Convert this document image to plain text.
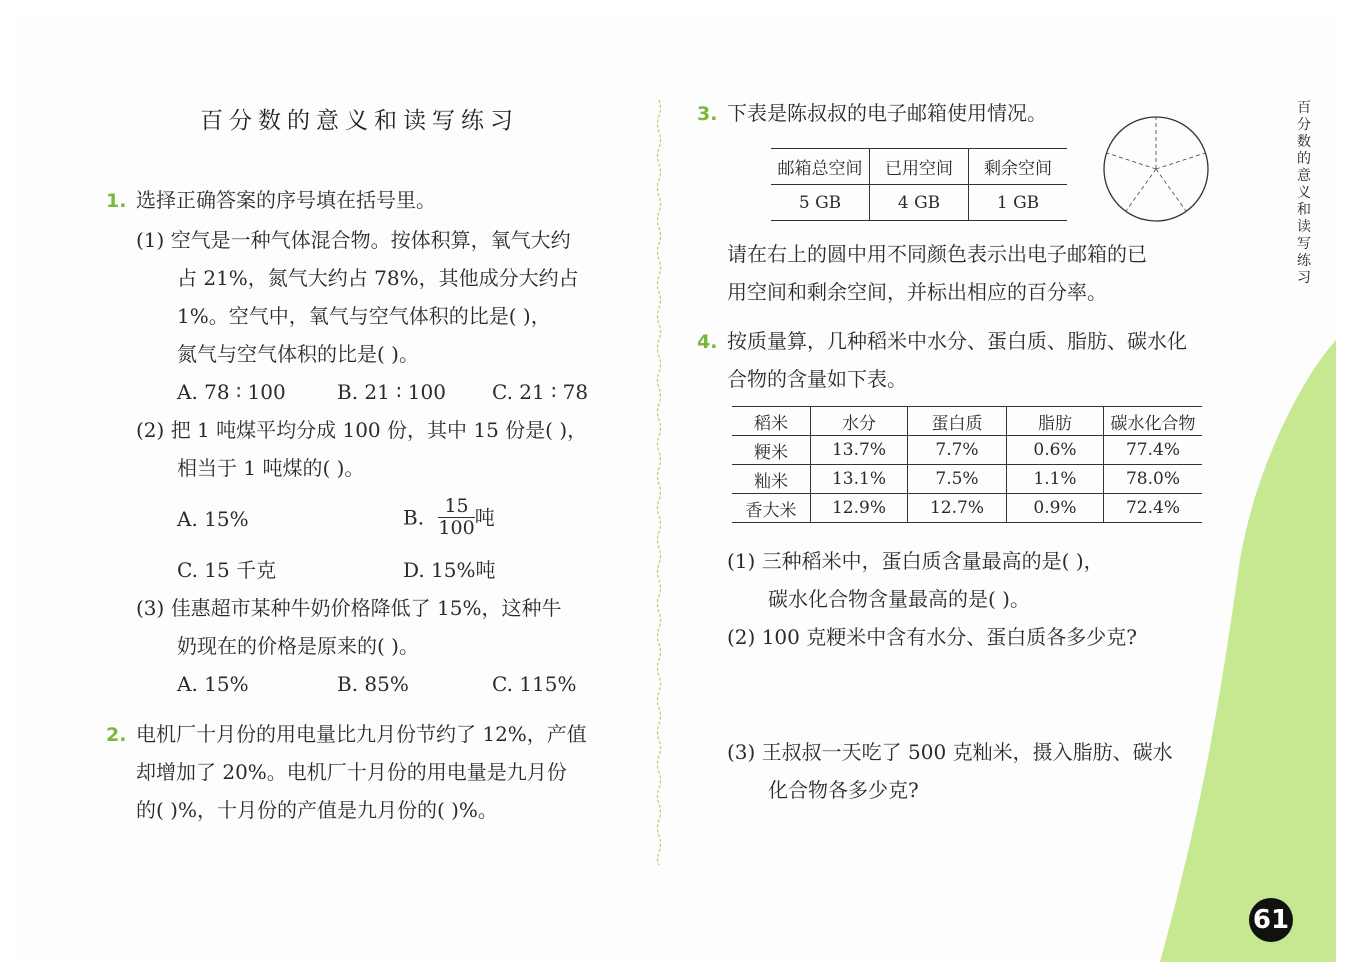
百分数的意义和读写练习
1. 选择正确答案的序号填在括号里。
(1) 空气是一种气体混合物。按体积算，氧气大约
占 21%，氮气大约占 78%，其他成分大约占
1%。空气中，氧气与空气体积的比是( )，
氮气与空气体积的比是( )。
A. 78 ∶ 100	B. 21 ∶ 100 C. 21 ∶ 78
(2) 把 1 吨煤平均分成 100 份，其中 15 份是( )，
相当于 1 吨煤的( )。
A. 15%	B. $\frac{15}{100}$ 吨
C. 15 千克	D. 15%吨
(3) 佳惠超市某种牛奶价格降低了 15%，这种牛
奶现在的价格是原来的( )。
A. 15%	B. 85%	C. 115%
2. 电机厂十月份的用电量比九月份节约了 12%，产值
却增加了 20%。电机厂十月份的用电量是九月份
的( )%，十月份的产值是九月份的( )%。
3. 下表是陈叔叔的电子邮箱使用情况。
邮箱总空间	已用空间	剩余空间
5 GB	4 GB	1 GB
请在右上的圆中用不同颜色表示出电子邮箱的已
用空间和剩余空间，并标出相应的百分率。
4. 按质量算，几种稻米中水分、蛋白质、脂肪、碳水化
合物的含量如下表。
稻米	水分	蛋白质	脂肪	碳水化合物
粳米	13.7%	7.7%	0.6%	77.4%
籼米	13.1%	7.5%	1.1%	78.0%
香大米	12.9%	12.7%	0.9%	72.4%
(1) 三种稻米中，蛋白质含量最高的是( )，
碳水化合物含量最高的是( )。
(2) 100 克粳米中含有水分、蛋白质各多少克?
(3) 王叔叔一天吃了 500 克籼米，摄入脂肪、碳水
化合物各多少克?
百
分
数
的
意
义
和
读
写
练
习
61
